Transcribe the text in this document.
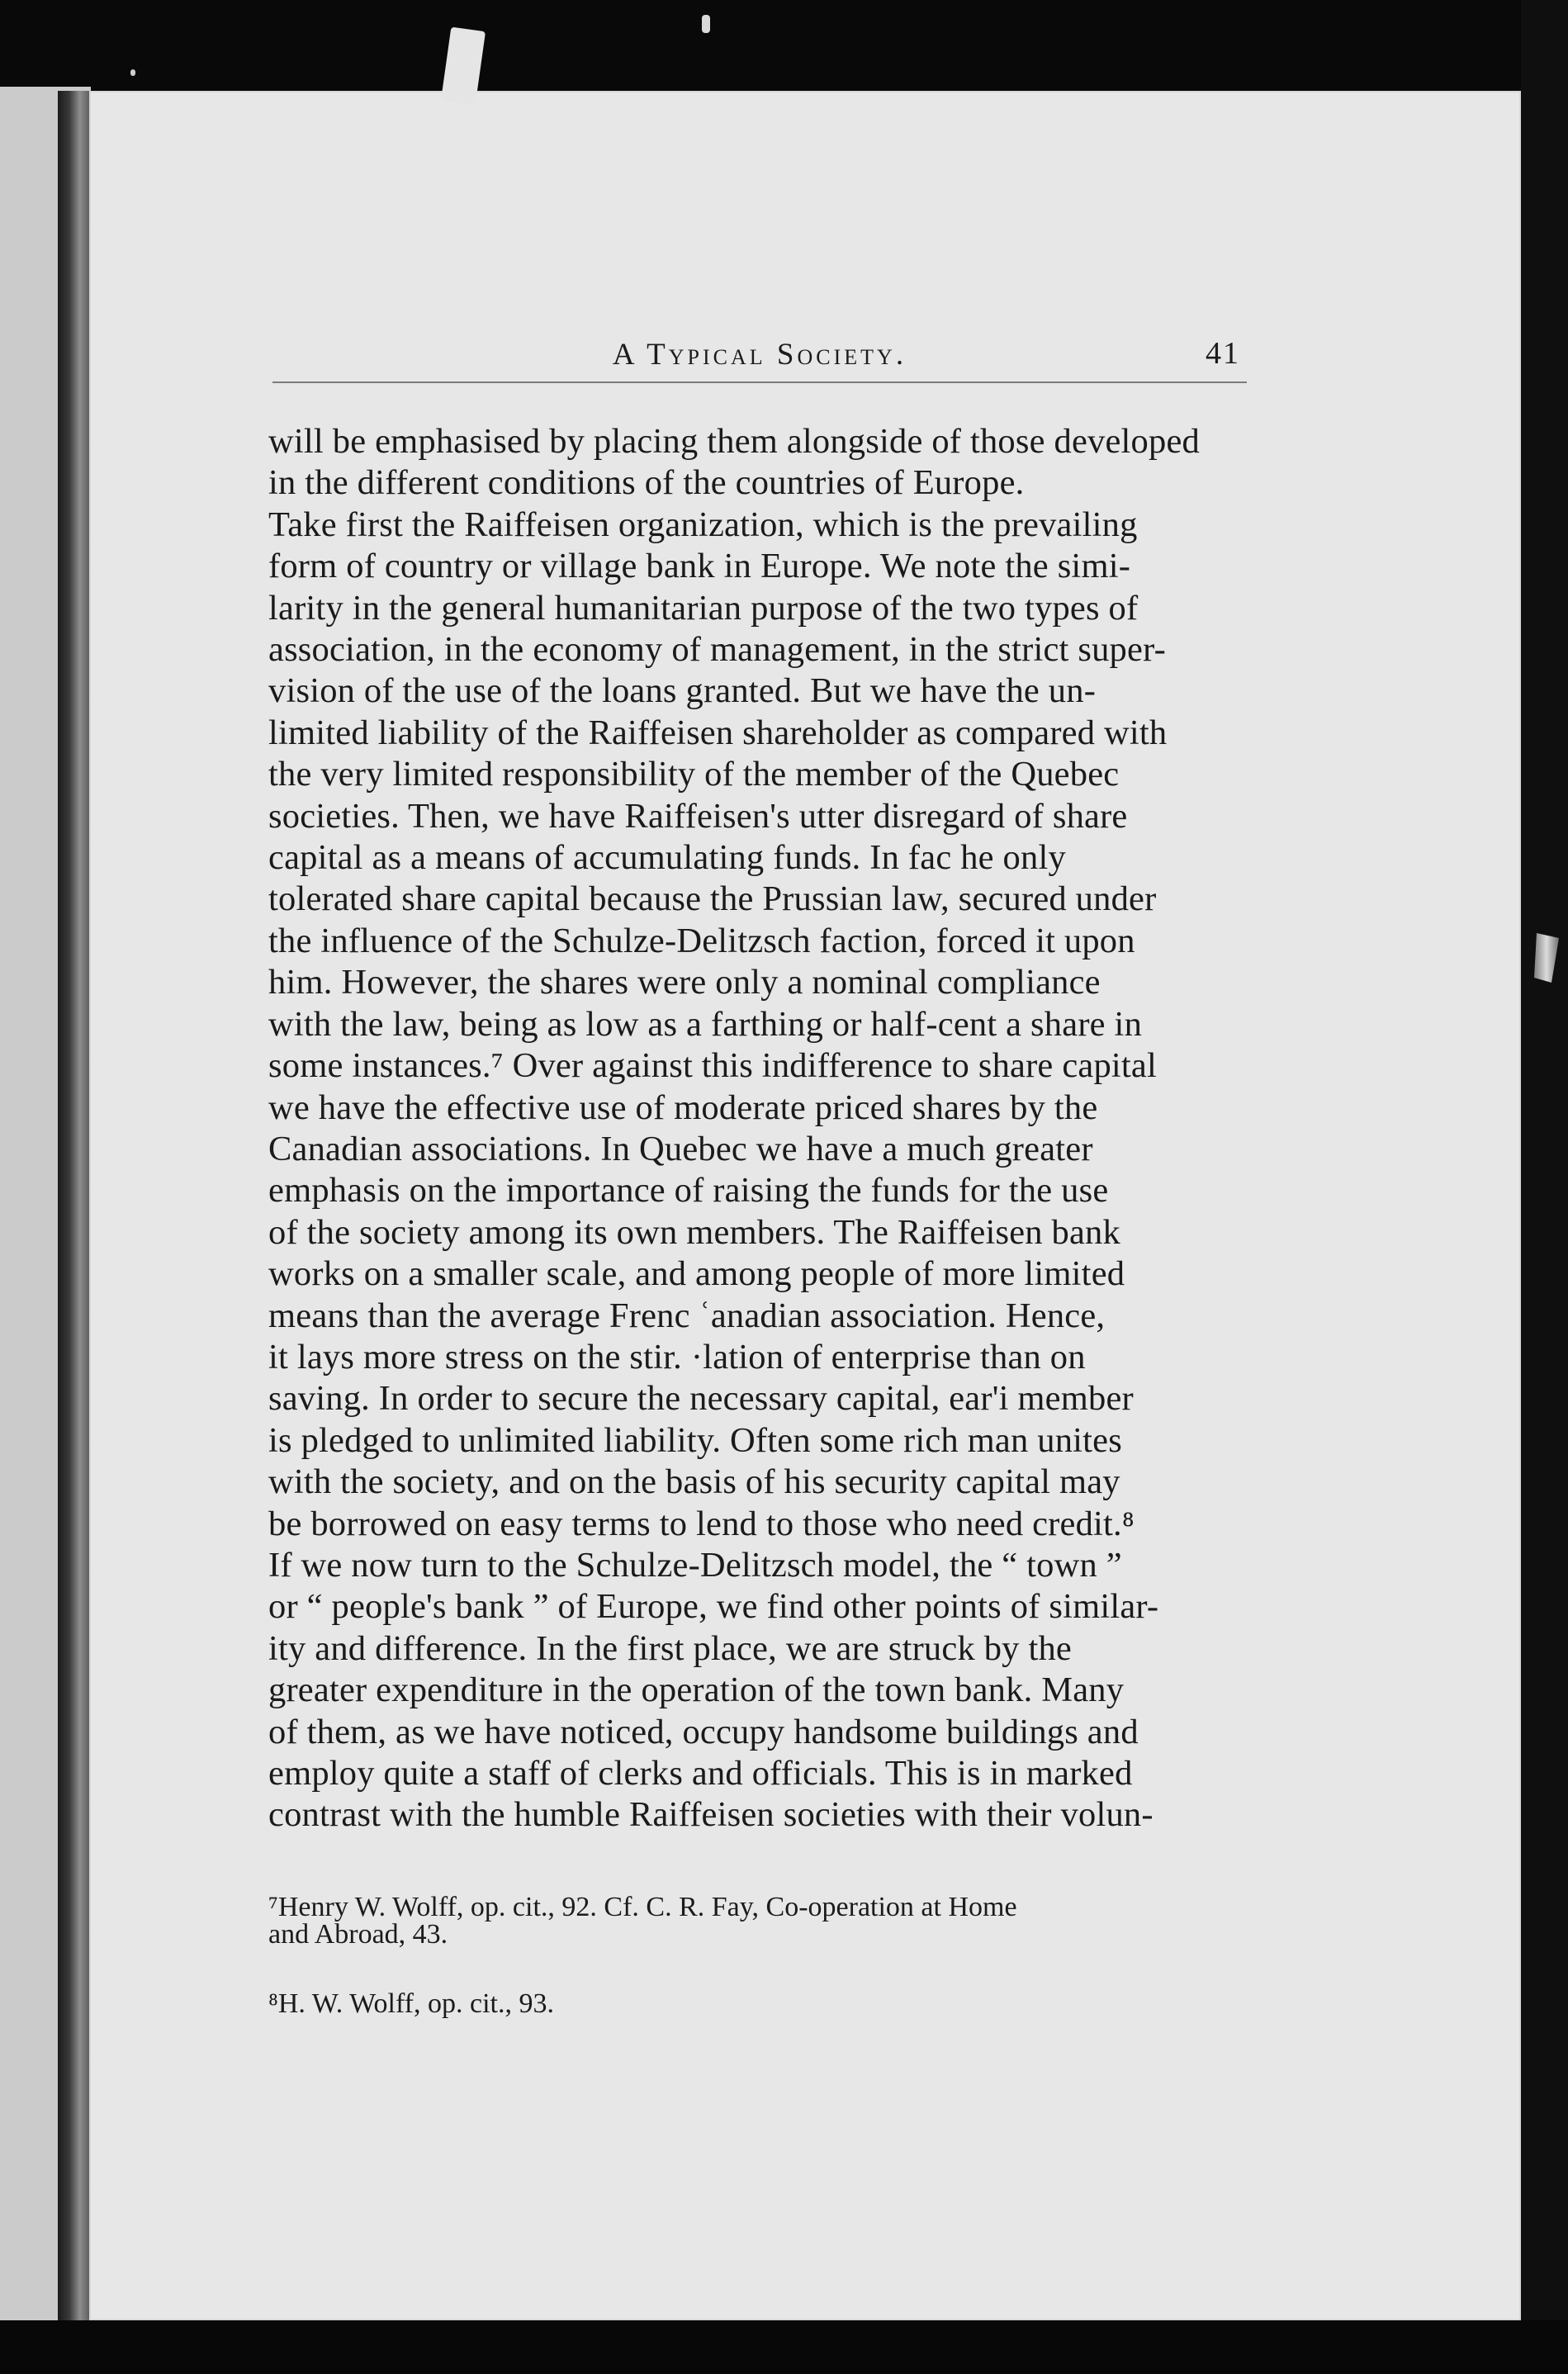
A Typical Society.	41

will be emphasised by placing them alongside of those developed
in the different conditions of the countries of Europe.

Take first the Raiffeisen organization, which is the prevailing
form of country or village bank in Europe. We note the simi-
larity in the general humanitarian purpose of the two types of
association, in the economy of management, in the strict super-
vision of the use of the loans granted. But we have the un-
limited liability of the Raiffeisen shareholder as compared with
the very limited responsibility of the member of the Quebec
societies. Then, we have Raiffeisen's utter disregard of share
capital as a means of accumulating funds. In fac he only
tolerated share capital because the Prussian law, secured under
the influence of the Schulze-Delitzsch faction, forced it upon
him. However, the shares were only a nominal compliance
with the law, being as low as a farthing or half-cent a share in
some instances.⁷ Over against this indifference to share capital
we have the effective use of moderate priced shares by the
Canadian associations. In Quebec we have a much greater
emphasis on the importance of raising the funds for the use
of the society among its own members. The Raiffeisen bank
works on a smaller scale, and among people of more limited
means than the average Frenc ʿanadian association. Hence,
it lays more stress on the stir. ·lation of enterprise than on
saving. In order to secure the necessary capital, ear'i member
is pledged to unlimited liability. Often some rich man unites
with the society, and on the basis of his security capital may
be borrowed on easy terms to lend to those who need credit.⁸

If we now turn to the Schulze-Delitzsch model, the “ town ”
or “ people's bank ” of Europe, we find other points of similar-
ity and difference. In the first place, we are struck by the
greater expenditure in the operation of the town bank. Many
of them, as we have noticed, occupy handsome buildings and
employ quite a staff of clerks and officials. This is in marked
contrast with the humble Raiffeisen societies with their volun-

⁷Henry W. Wolff, op. cit., 92. Cf. C. R. Fay, Co-operation at Home
and Abroad, 43.

⁸H. W. Wolff, op. cit., 93.
